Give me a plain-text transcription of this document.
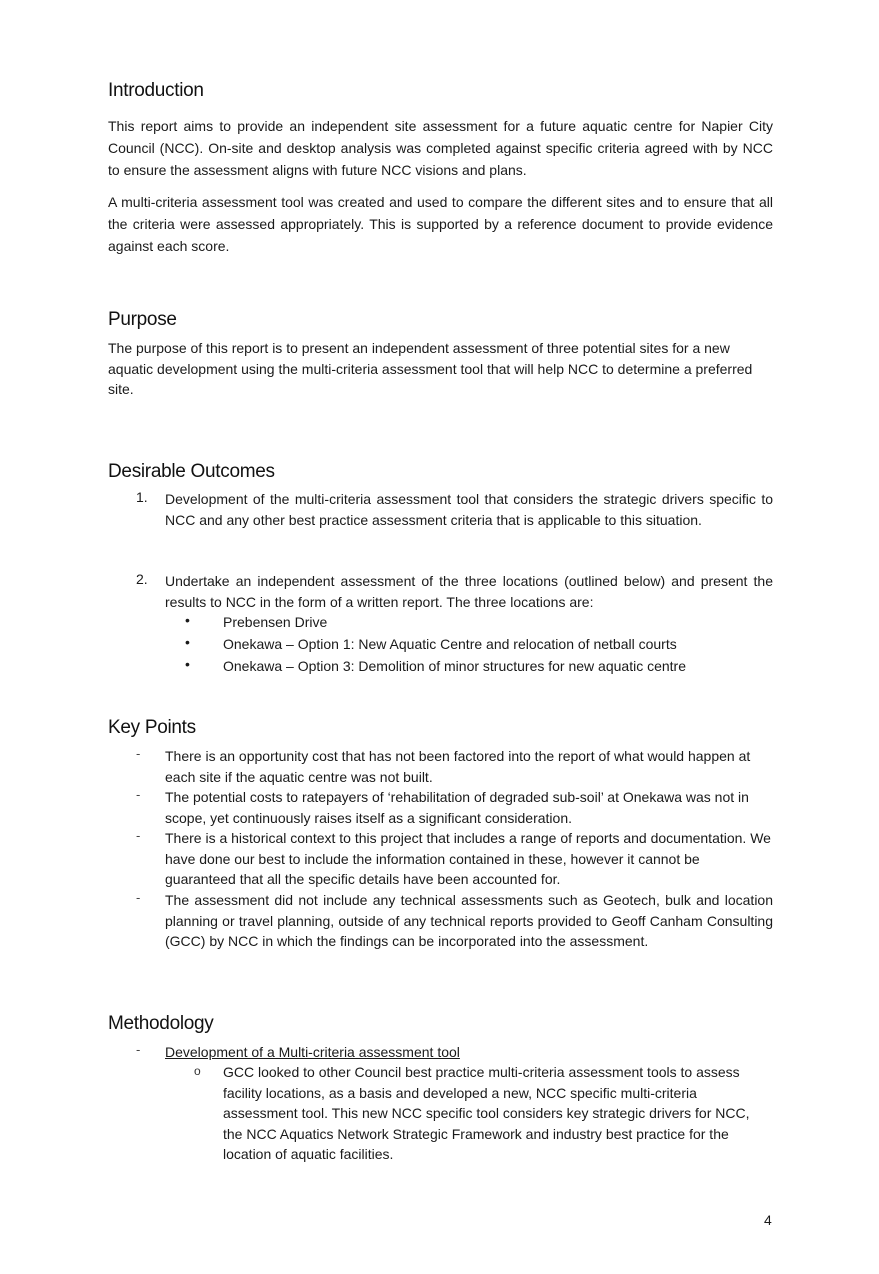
Introduction

This report aims to provide an independent site assessment for a future aquatic centre for Napier City Council (NCC). On-site and desktop analysis was completed against specific criteria agreed with by NCC to ensure the assessment aligns with future NCC visions and plans.

A multi-criteria assessment tool was created and used to compare the different sites and to ensure that all the criteria were assessed appropriately. This is supported by a reference document to provide evidence against each score.

Purpose

The purpose of this report is to present an independent assessment of three potential sites for a new aquatic development using the multi-criteria assessment tool that will help NCC to determine a preferred site.

Desirable Outcomes
1.	Development of the multi-criteria assessment tool that considers the strategic drivers specific to NCC and any other best practice assessment criteria that is applicable to this situation.
2.	Undertake an independent assessment of the three locations (outlined below) and present the results to NCC in the form of a written report. The three locations are:
• Prebensen Drive
• Onekawa – Option 1: New Aquatic Centre and relocation of netball courts
• Onekawa – Option 3: Demolition of minor structures for new aquatic centre
Key Points
-	There is an opportunity cost that has not been factored into the report of what would happen at each site if the aquatic centre was not built.
-	The potential costs to ratepayers of ‘rehabilitation of degraded sub-soil’ at Onekawa was not in scope, yet continuously raises itself as a significant consideration.
-	There is a historical context to this project that includes a range of reports and documentation. We have done our best to include the information contained in these, however it cannot be guaranteed that all the specific details have been accounted for.
-	The assessment did not include any technical assessments such as Geotech, bulk and location planning or travel planning, outside of any technical reports provided to Geoff Canham Consulting (GCC) by NCC in which the findings can be incorporated into the assessment.
Methodology
-	Development of a Multi-criteria assessment tool
o GCC looked to other Council best practice multi-criteria assessment tools to assess facility locations, as a basis and developed a new, NCC specific multi-criteria assessment tool. This new NCC specific tool considers key strategic drivers for NCC, the NCC Aquatics Network Strategic Framework and industry best practice for the location of aquatic facilities.
4
